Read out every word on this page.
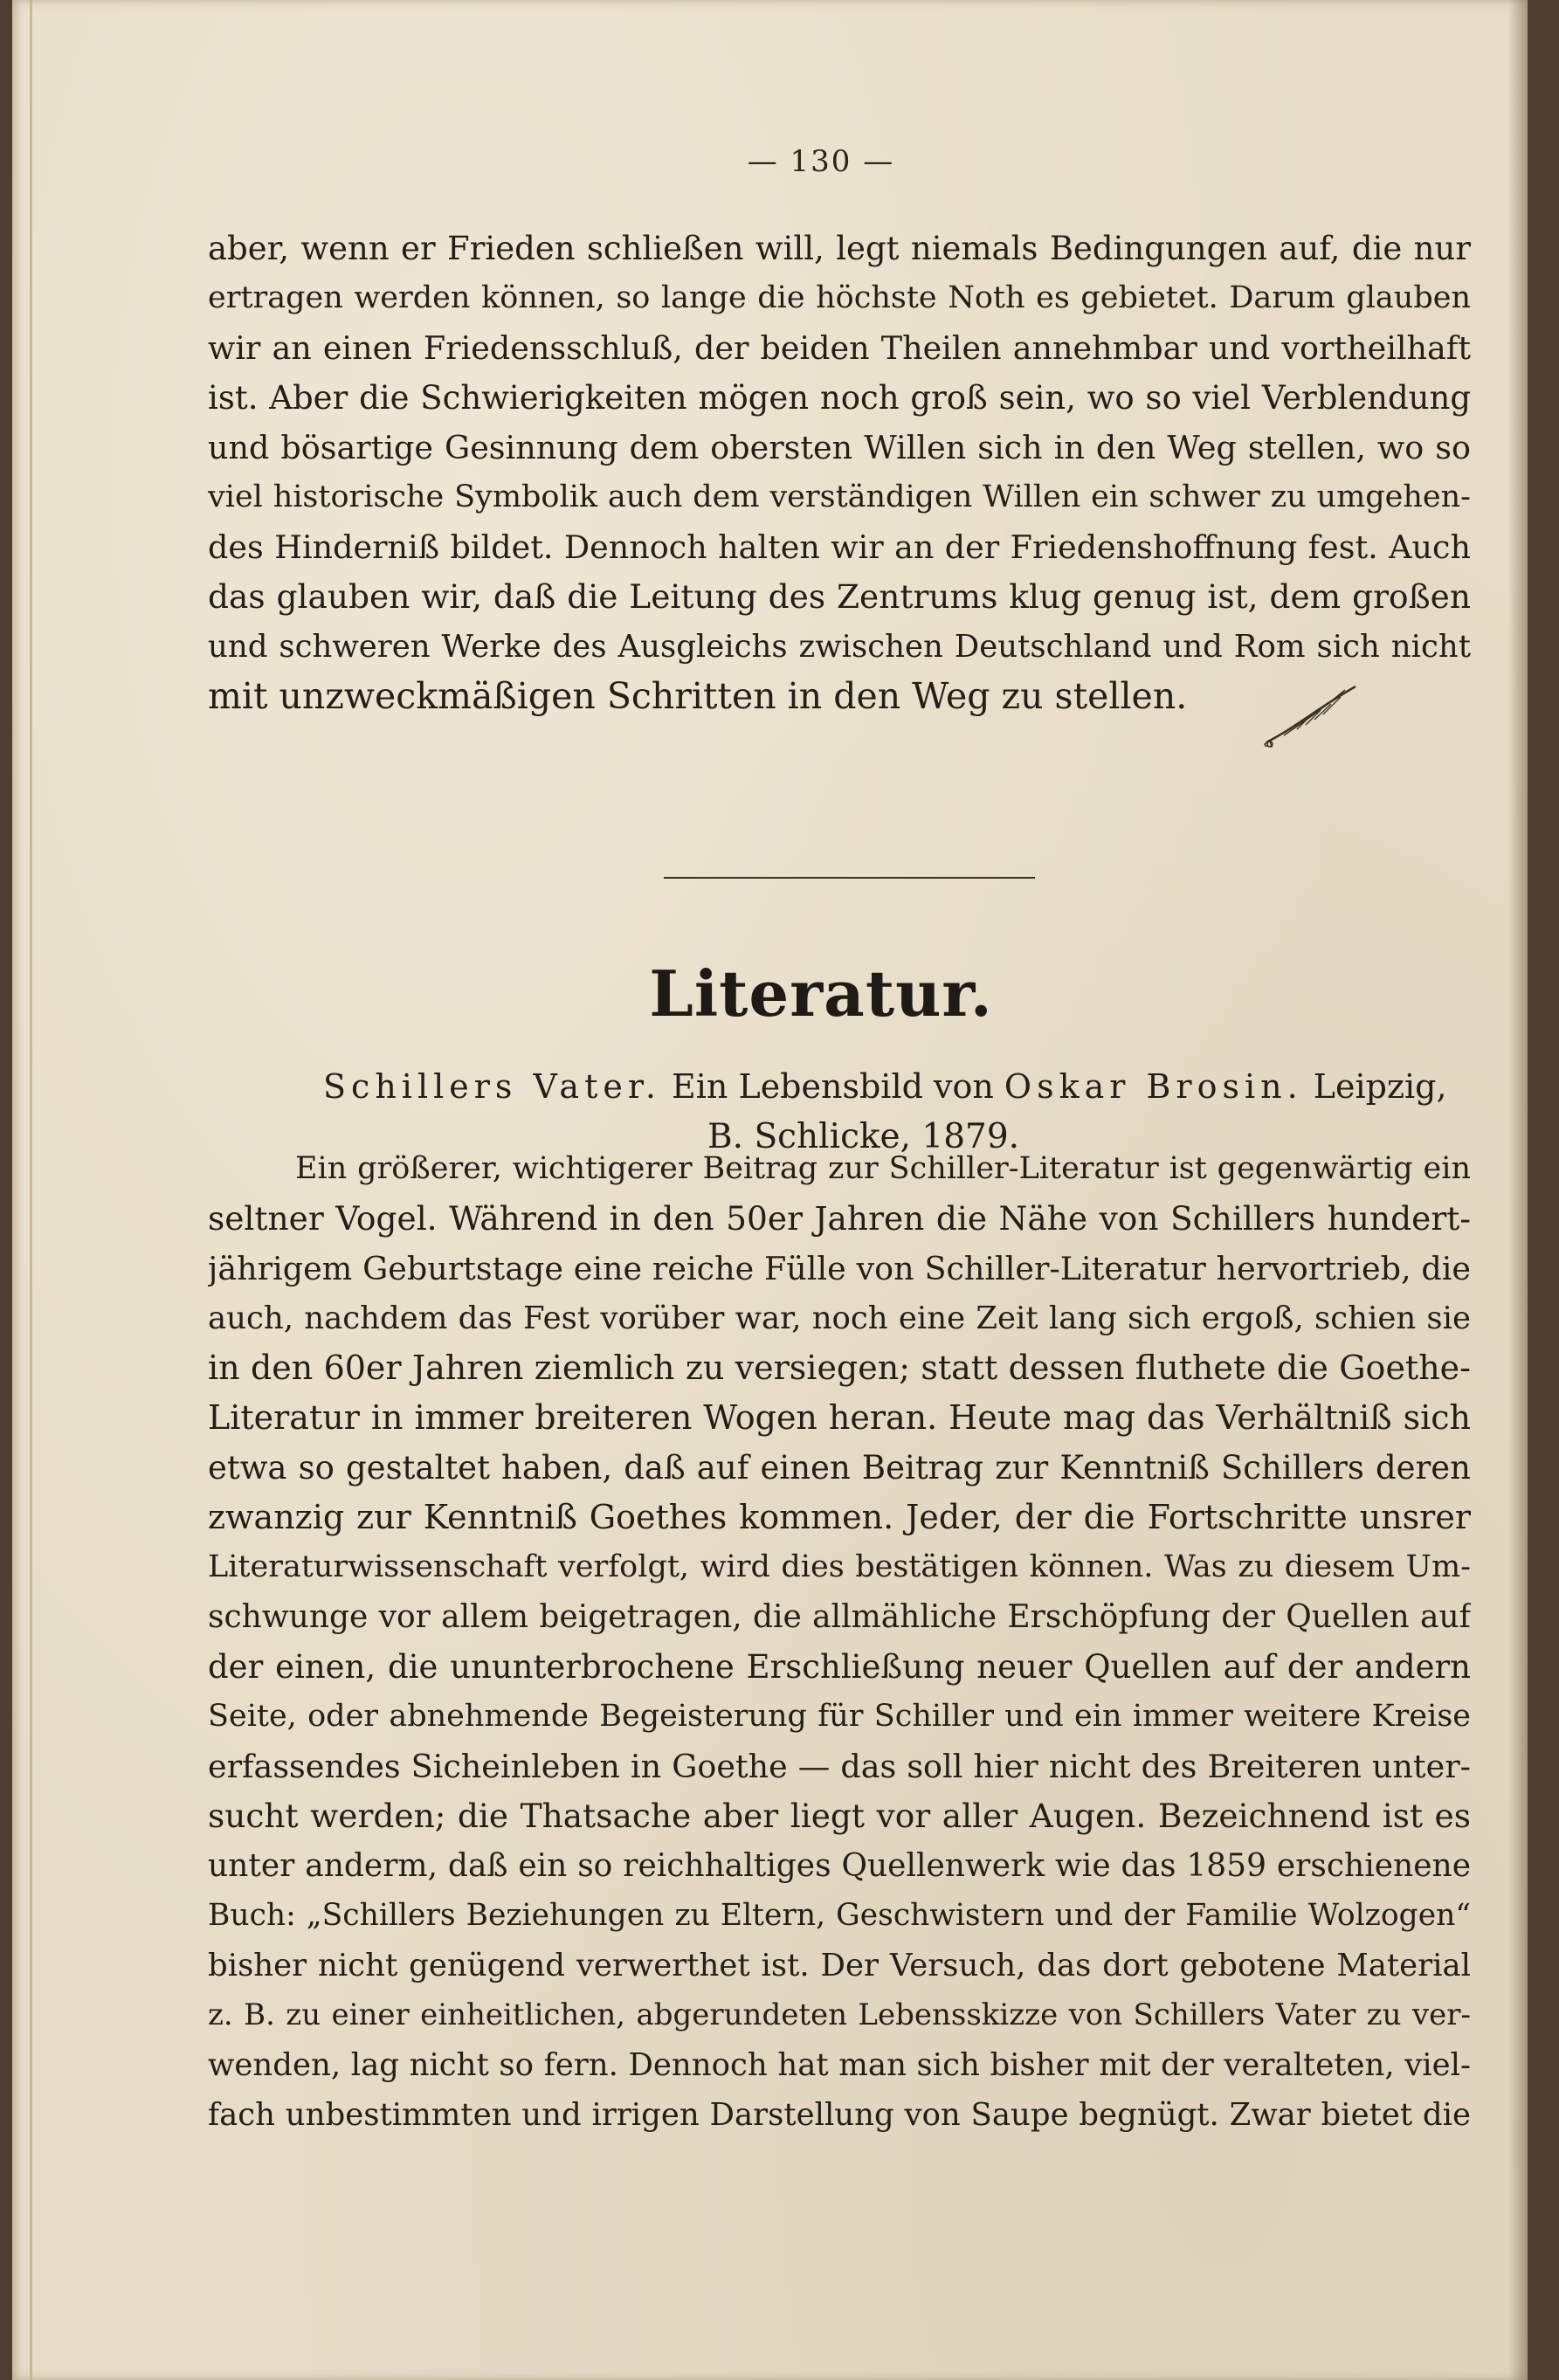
— 130 —
aber, wenn er Frieden schließen will, legt niemals Bedingungen auf, die nur
ertragen werden können, so lange die höchste Noth es gebietet. Darum glauben
wir an einen Friedensschluß, der beiden Theilen annehmbar und vortheilhaft
ist. Aber die Schwierigkeiten mögen noch groß sein, wo so viel Verblendung
und bösartige Gesinnung dem obersten Willen sich in den Weg stellen, wo so
viel historische Symbolik auch dem verständigen Willen ein schwer zu umgehen-
des Hinderniß bildet. Dennoch halten wir an der Friedenshoffnung fest. Auch
das glauben wir, daß die Leitung des Zentrums klug genug ist, dem großen
und schweren Werke des Ausgleichs zwischen Deutschland und Rom sich nicht
mit unzweckmäßigen Schritten in den Weg zu stellen.
Literatur.
Schillers Vater. Ein Lebensbild von Oskar Brosin. Leipzig,
B. Schlicke, 1879.
Ein größerer, wichtigerer Beitrag zur Schiller-Literatur ist gegenwärtig ein
seltner Vogel. Während in den 50er Jahren die Nähe von Schillers hundert-
jährigem Geburtstage eine reiche Fülle von Schiller-Literatur hervortrieb, die
auch, nachdem das Fest vorüber war, noch eine Zeit lang sich ergoß, schien sie
in den 60er Jahren ziemlich zu versiegen; statt dessen fluthete die Goethe-
Literatur in immer breiteren Wogen heran. Heute mag das Verhältniß sich
etwa so gestaltet haben, daß auf einen Beitrag zur Kenntniß Schillers deren
zwanzig zur Kenntniß Goethes kommen. Jeder, der die Fortschritte unsrer
Literaturwissenschaft verfolgt, wird dies bestätigen können. Was zu diesem Um-
schwunge vor allem beigetragen, die allmähliche Erschöpfung der Quellen auf
der einen, die ununterbrochene Erschließung neuer Quellen auf der andern
Seite, oder abnehmende Begeisterung für Schiller und ein immer weitere Kreise
erfassendes Sicheinleben in Goethe — das soll hier nicht des Breiteren unter-
sucht werden; die Thatsache aber liegt vor aller Augen. Bezeichnend ist es
unter anderm, daß ein so reichhaltiges Quellenwerk wie das 1859 erschienene
Buch: „Schillers Beziehungen zu Eltern, Geschwistern und der Familie Wolzogen“
bisher nicht genügend verwerthet ist. Der Versuch, das dort gebotene Material
z. B. zu einer einheitlichen, abgerundeten Lebensskizze von Schillers Vater zu ver-
wenden, lag nicht so fern. Dennoch hat man sich bisher mit der veralteten, viel-
fach unbestimmten und irrigen Darstellung von Saupe begnügt. Zwar bietet die
